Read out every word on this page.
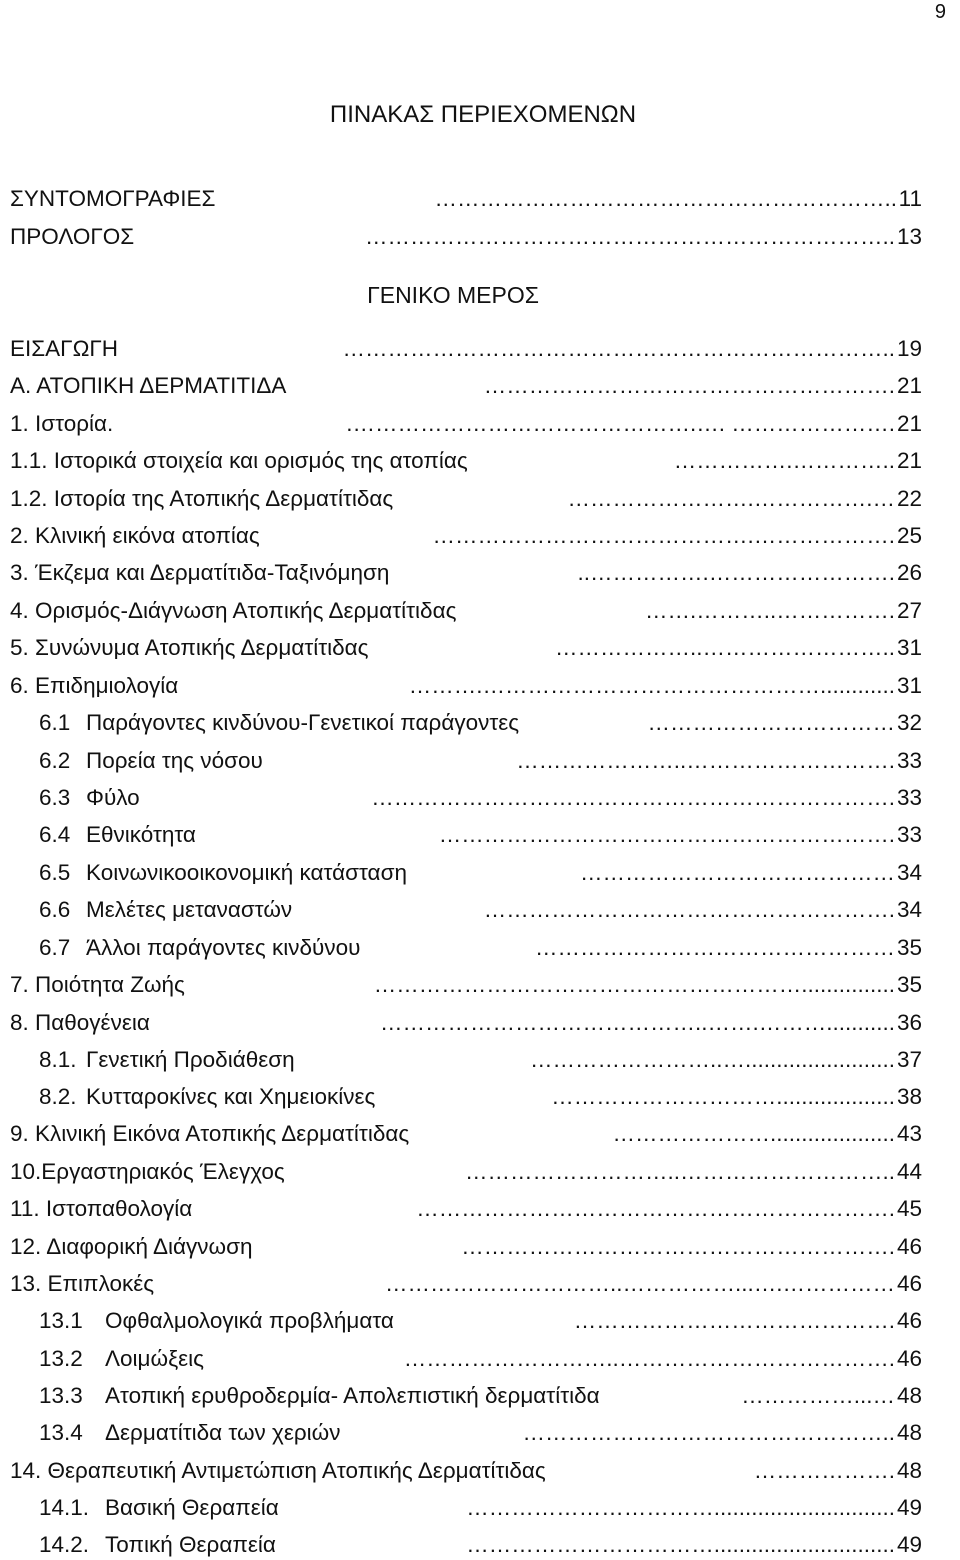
9
ΠΙΝΑΚΑΣ ΠΕΡΙΕΧΟΜΕΝΩΝ
ΣΥΝΤΟΜΟΓΡΑΦΙΕΣ	…………………………………………………….. 11
ΠΡΟΛΟΓΟΣ	…………………………………………………………….. 13
ΕΙΣΑΓΩΓΗ	……………………………………………………………….. 19
Α. ΑΤΟΠΙΚΗ ΔΕΡΜΑΤΙΤΙΔΑ	………………………………………………. 21
1. Ιστορία.	.……………………………………….…. …………………. 21
1.1. Ιστορικά στοιχεία και ορισμός της ατοπίας	…………….………….. 21
1.2. Ιστορία της Ατοπικής Δερματίτιδας	…………………….…………….… 22
2. Κλινική εικόνα ατοπίας	…………………………………….………………. 25
3. Έκζεμα και Δερματίτιδα-Ταξινόμηση	..…………….……………………. 26
4. Ορισμός-Διάγνωση Ατοπικής Δερματίτιδας	…….………..……………. 27
5. Συνώνυμα Ατοπικής Δερματίτιδας	………………..…………………….. 31
6. Επιδημιολογία	……….………………………………………............ 31
6.1 Παράγοντες κινδύνου-Γενετικοί παράγοντες	…………………………… 32
6.2 Πορεία της νόσου	…………………..………………………. 33
6.3 Φύλο	……………………………………………………………. 33
6.4 Εθνικότητα	……………………………………………………. 33
6.5 Κοινωνικοοικονομική κατάσταση	…………………………………… 34
6.6 Μελέτες μεταναστών	………………………………………………. 34
6.7 Άλλοι παράγοντες κινδύνου	………………………………………… 35
7. Ποιότητα Ζωής	…………………………………………………............... 35
8. Παθογένεια	……………………………………..…….………........... 36
8.1. Γενετική Προδιάθεση	……………………..…........................ 37
8.2. Κυτταροκίνες και Χημειοκίνες	…………………………................... 38
9. Κλινική Εικόνα Ατοπικής Δερματίτιδας	………………….................... 43
10.Εργαστηριακός Έλεγχος	………………………..……………………….. 44
11. Ιστοπαθολογία	………………………………………………………. 45
12. Διαφορική Διάγνωση	…………………………………………………. 46
13. Επιπλοκές	…………………………..……………...….…………… 46
13.1 Οφθαλμολογικά προβλήματα	……………………………………. 46
13.2 Λοιμώξεις	………………………..………………………………. 46
13.3 Ατοπική ερυθροδερμία- Απολεπιστική δερματίτιδα	……………...… 48
13.4 Δερματίτιδα των χεριών	………………………………………….. 48
14. Θεραπευτική Αντιμετώπιση Ατοπικής Δερματίτιδας	………………. 48
14.1. Βασική Θεραπεία	……………………………............................. 49
14.2. Τοπική Θεραπεία	……………………………............................. 49
ΓΕΝΙΚΟ ΜΕΡΟΣ
